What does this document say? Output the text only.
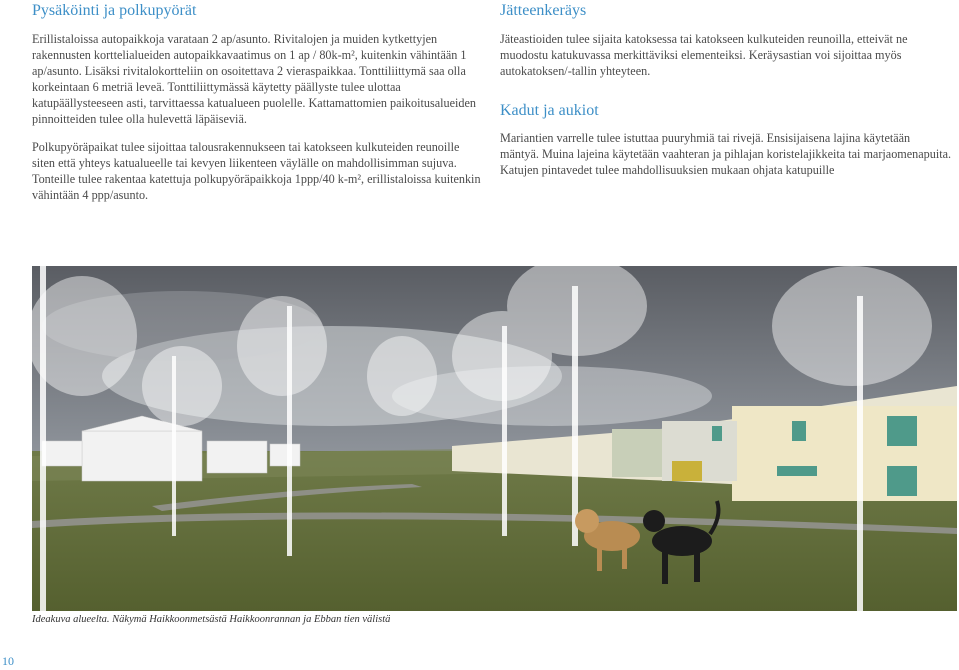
Pysäköinti ja polkupyörät

Erillistaloissa autopaikkoja varataan 2 ap/asunto. Rivitalojen ja muiden kytkettyjen rakennusten korttelialueiden autopaikkavaatimus on 1 ap / 80k-m², kuitenkin vähintään 1 ap/asunto. Lisäksi rivitalokortteliin on osoitettava 2 vieraspaikkaa. Tonttiliittymä saa olla korkeintaan 6 metriä leveä. Tonttiliittymässä käytetty päällyste tulee ulottaa katupäällysteeseen asti, tarvittaessa katualueen puolelle. Kattamattomien paikoitusalueiden pinnoitteiden tulee olla hulevettä läpäiseviä.

Polkupyöräpaikat tulee sijoittaa talousrakennukseen tai katokseen kulkuteiden reunoille siten että yhteys katualueelle tai kevyen liikenteen väylälle on mahdollisimman sujuva. Tonteille tulee rakentaa katettuja polkupyöräpaikkoja 1ppp/40 k-m², erillistaloissa kuitenkin vähintään 4 ppp/asunto.

Jätteenkeräys

Jäteastioiden tulee sijaita katoksessa tai katokseen kulkuteiden reunoilla, etteivät ne muodostu katukuvassa merkittäviksi elementeiksi. Keräysastian voi sijoittaa myös autokatoksen/-tallin yhteyteen.

Kadut ja aukiot

Mariantien varrelle tulee istuttaa puuryhmiä tai rivejä. Ensisijaisena lajina käytetään mäntyä. Muina lajeina käytetään vaahteran ja pihlajan koristelajikkeita tai marjaomenapuita. Katujen pintavedet tulee mahdollisuuksien mukaan ohjata katupuille

Ideakuva alueelta. Näkymä Haikkoonmetsästä Haikkoonrannan ja Ebban tien välistä
10
